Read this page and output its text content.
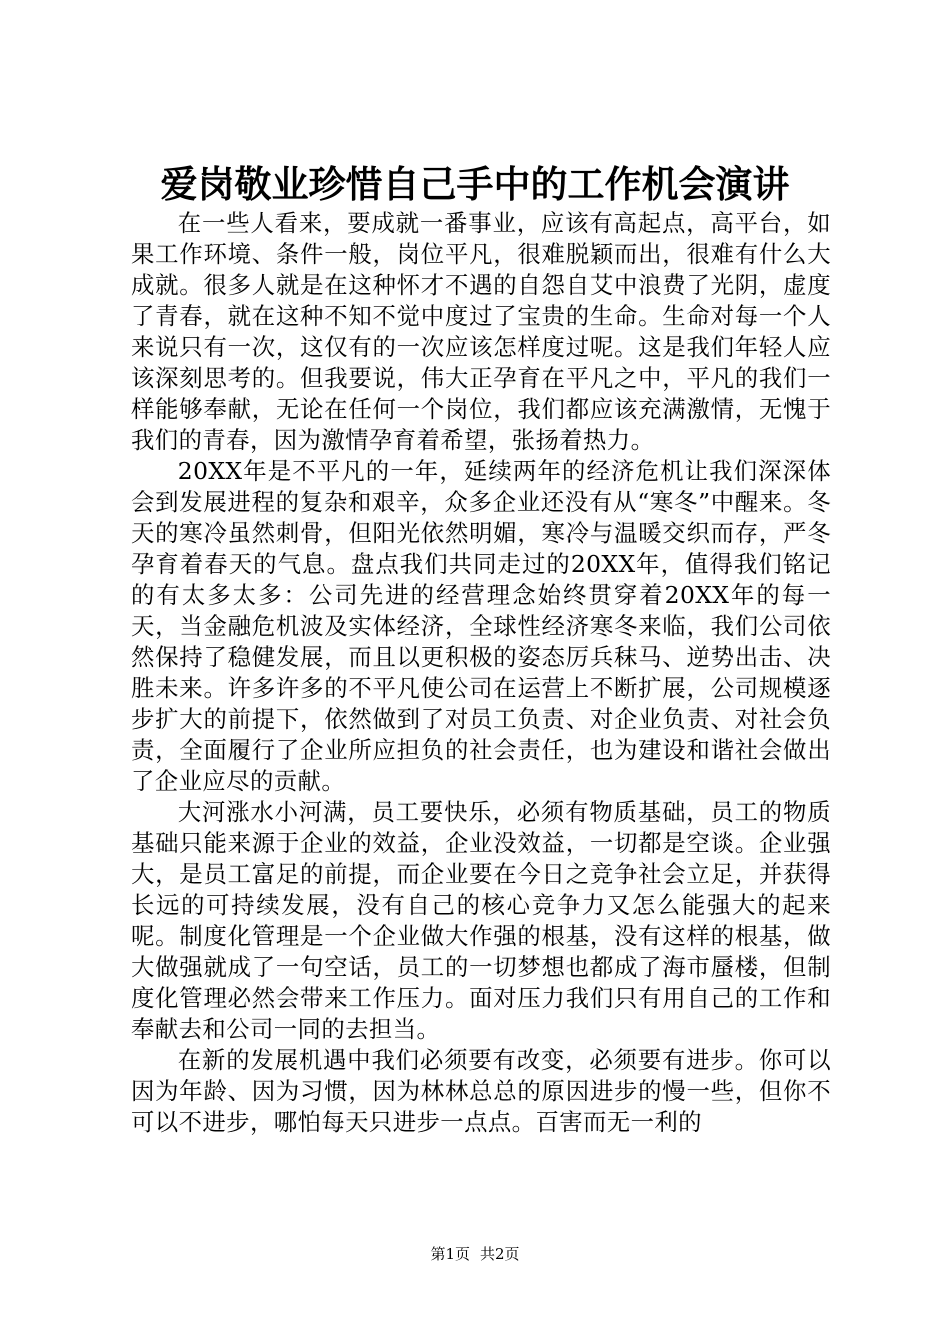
爱岗敬业珍惜自己手中的工作机会演讲

在一些人看来，要成就一番事业，应该有高起点，高平台，如果工作环境、条件一般，岗位平凡，很难脱颖而出，很难有什么大成就。很多人就是在这种怀才不遇的自怨自艾中浪费了光阴，虚度了青春，就在这种不知不觉中度过了宝贵的生命。生命对每一个人来说只有一次，这仅有的一次应该怎样度过呢。这是我们年轻人应该深刻思考的。但我要说，伟大正孕育在平凡之中，平凡的我们一样能够奉献，无论在任何一个岗位，我们都应该充满激情，无愧于我们的青春，因为激情孕育着希望，张扬着热力。

20XX年是不平凡的一年，延续两年的经济危机让我们深深体会到发展进程的复杂和艰辛，众多企业还没有从“寒冬”中醒来。冬天的寒冷虽然刺骨，但阳光依然明媚，寒冷与温暖交织而存，严冬孕育着春天的气息。盘点我们共同走过的20XX年，值得我们铭记的有太多太多：公司先进的经营理念始终贯穿着20XX年的每一天，当金融危机波及实体经济，全球性经济寒冬来临，我们公司依然保持了稳健发展，而且以更积极的姿态厉兵秣马、逆势出击、决胜未来。许多许多的不平凡使公司在运营上不断扩展，公司规模逐步扩大的前提下，依然做到了对员工负责、对企业负责、对社会负责，全面履行了企业所应担负的社会责任，也为建设和谐社会做出了企业应尽的贡献。

大河涨水小河满，员工要快乐，必须有物质基础，员工的物质基础只能来源于企业的效益，企业没效益，一切都是空谈。企业强大，是员工富足的前提，而企业要在今日之竞争社会立足，并获得长远的可持续发展，没有自己的核心竞争力又怎么能强大的起来呢。制度化管理是一个企业做大作强的根基，没有这样的根基，做大做强就成了一句空话，员工的一切梦想也都成了海市蜃楼，但制度化管理必然会带来工作压力。面对压力我们只有用自己的工作和奉献去和公司一同的去担当。

在新的发展机遇中我们必须要有改变，必须要有进步。你可以因为年龄、因为习惯，因为林林总总的原因进步的慢一些，但你不可以不进步，哪怕每天只进步一点点。百害而无一利的

第1页 共2页
